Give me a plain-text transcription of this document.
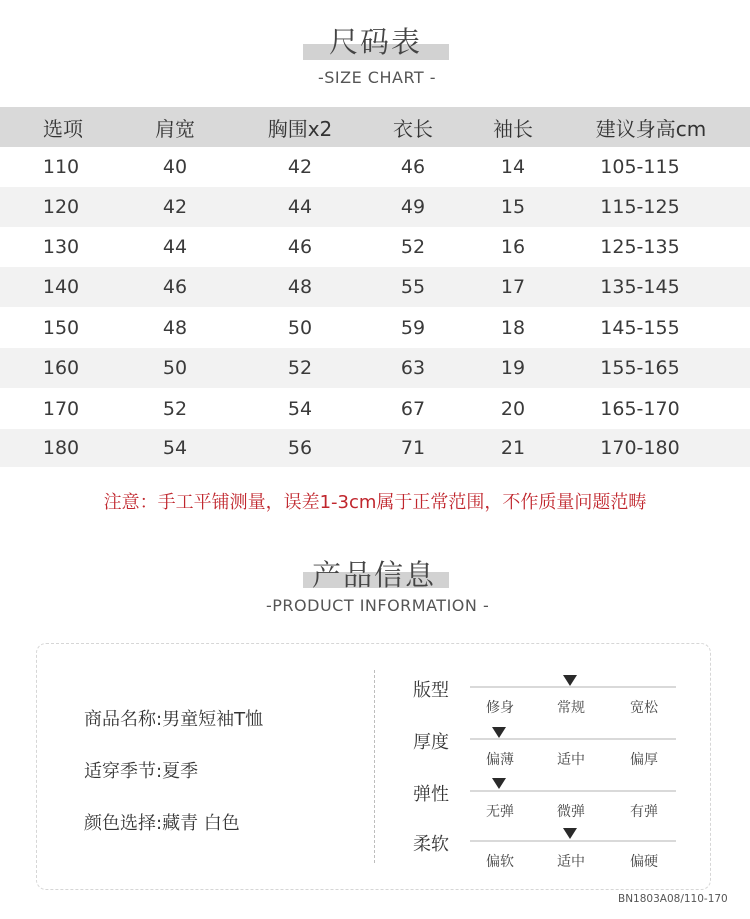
尺码表
-SIZE CHART -
选项	肩宽	胸围x2	衣长	袖长	建议身高cm
110	40	42	46	14	105-115
120	42	44	49	15	115-125
130	44	46	52	16	125-135
140	46	48	55	17	135-145
150	48	50	59	18	145-155
160	50	52	63	19	155-165
170	52	54	67	20	165-170
180	54	56	71	21	170-180
注意：手工平铺测量，误差1-3cm属于正常范围，不作质量问题范畴
产品信息
-PRODUCT INFORMATION -
商品名称:男童短袖T恤
适穿季节:夏季
颜色选择:藏青 白色
版型
修身	常规	宽松
厚度
偏薄	适中	偏厚
弹性
无弹	微弹	有弹
柔软
偏软	适中	偏硬
BN1803A08/110-170
